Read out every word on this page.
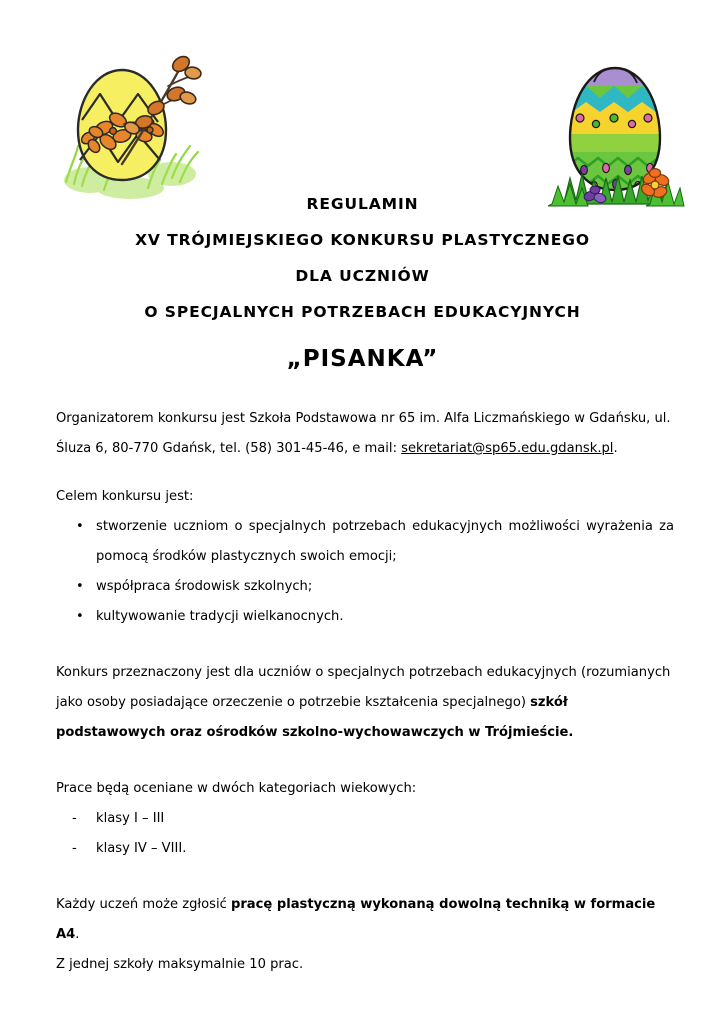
REGULAMIN
XV TRÓJMIEJSKIEGO KONKURSU PLASTYCZNEGO
DLA UCZNIÓW
O SPECJALNYCH POTRZEBACH EDUKACYJNYCH
„PISANKA”

Organizatorem konkursu jest Szkoła Podstawowa nr 65 im. Alfa Liczmańskiego w Gdańsku, ul. Śluza 6, 80-770 Gdańsk, tel. (58) 301-45-46, e mail: sekretariat@sp65.edu.gdansk.pl.

Celem konkursu jest:

• stworzenie uczniom o specjalnych potrzebach edukacyjnych możliwości wyrażenia za pomocą środków plastycznych swoich emocji;
• współpraca środowisk szkolnych;
• kultywowanie tradycji wielkanocnych.

Konkurs przeznaczony jest dla uczniów o specjalnych potrzebach edukacyjnych (rozumianych jako osoby posiadające orzeczenie o potrzebie kształcenia specjalnego) szkół podstawowych oraz ośrodków szkolno-wychowawczych w Trójmieście.

Prace będą oceniane w dwóch kategoriach wiekowych:

- klasy I – III
- klasy IV – VIII.

Każdy uczeń może zgłosić pracę plastyczną wykonaną dowolną techniką w formacie A4.

Z jednej szkoły maksymalnie 10 prac.
